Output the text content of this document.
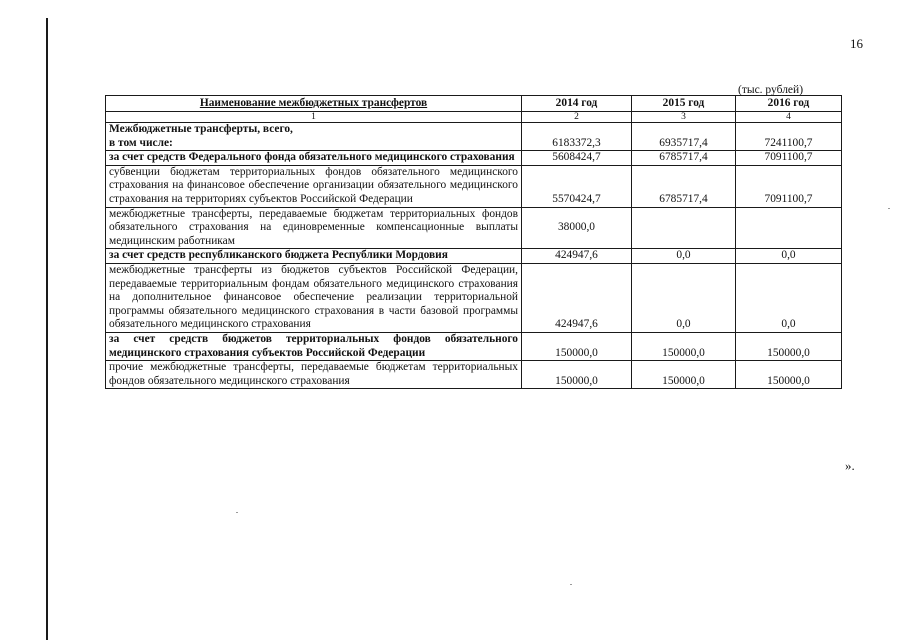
16
(тыс. рублей)
Наименование межбюджетных трансфертов	2014 год	2015 год	2016 год
1	2	3	4
Межбюджетные трансферты, всего,
в том числе:	6183372,3	6935717,4	7241100,7
за счет средств Федерального фонда обязательного медицинского страхования	5608424,7	6785717,4	7091100,7
субвенции бюджетам территориальных фондов обязательного медицинского страхования на финансовое обеспечение организации обязательного медицинского страхования на территориях субъектов Российской Федерации	5570424,7	6785717,4	7091100,7
межбюджетные трансферты, передаваемые бюджетам территориальных фондов обязательного страхования на единовременные компенсационные выплаты медицинским работникам	38000,0		
за счет средств республиканского бюджета Республики Мордовия	424947,6	0,0	0,0
межбюджетные трансферты из бюджетов субъектов Российской Федерации, передаваемые территориальным фондам обязательного медицинского страхования на дополнительное финансовое обеспечение реализации территориальной программы обязательного медицинского страхования в части базовой программы обязательного медицинского страхования	424947,6	0,0	0,0
за счет средств бюджетов территориальных фондов обязательного медицинского страхования субъектов Российской Федерации	150000,0	150000,0	150000,0
прочие межбюджетные трансферты, передаваемые бюджетам территориальных фондов обязательного медицинского страхования	150000,0	150000,0	150000,0
».
